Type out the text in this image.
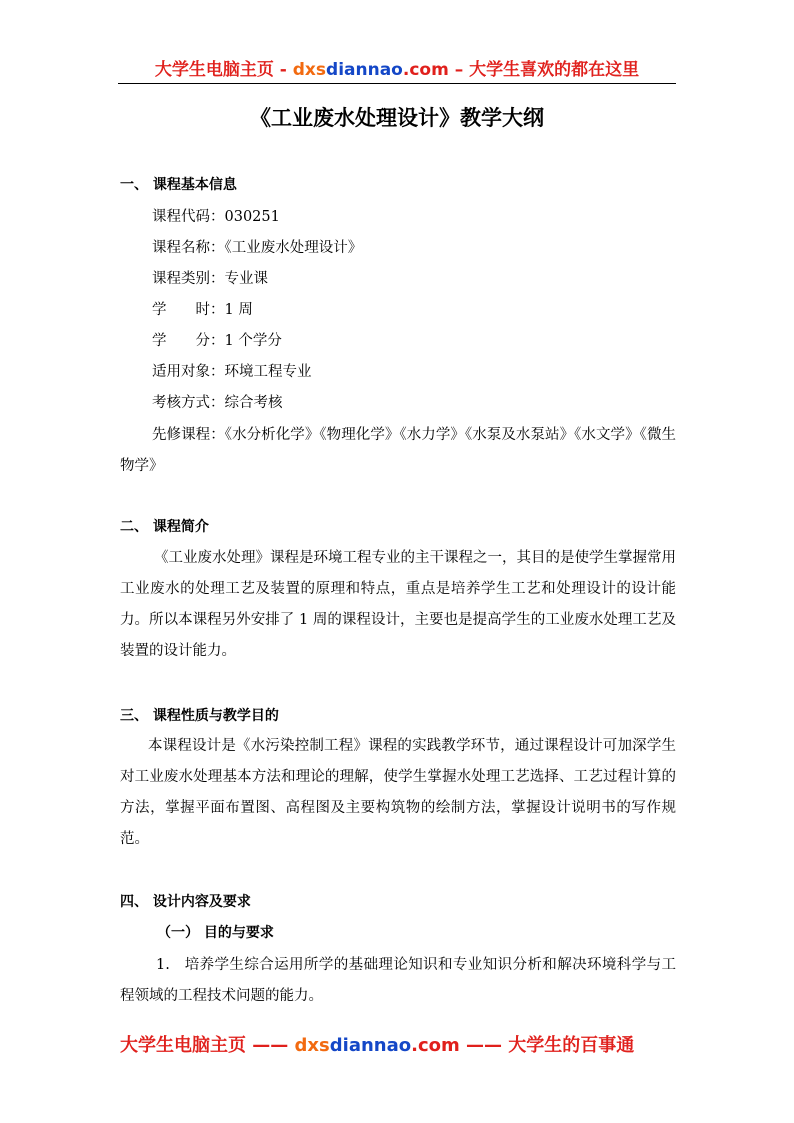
大学生电脑主页 - dxsdiannao.com – 大学生喜欢的都在这里
《工业废水处理设计》教学大纲
一、 课程基本信息
课程代码：030251
课程名称：《工业废水处理设计》
课程类别：专业课
学　　时：1 周
学　　分：1 个学分
适用对象：环境工程专业
考核方式：综合考核

先修课程：《水分析化学》《物理化学》《水力学》《水泵及水泵站》《水文学》《微生物学》

二、 课程简介

《工业废水处理》课程是环境工程专业的主干课程之一，其目的是使学生掌握常用工业废水的处理工艺及装置的原理和特点，重点是培养学生工艺和处理设计的设计能力。所以本课程另外安排了 1 周的课程设计，主要也是提高学生的工业废水处理工艺及装置的设计能力。

三、 课程性质与教学目的

本课程设计是《水污染控制工程》课程的实践教学环节，通过课程设计可加深学生对工业废水处理基本方法和理论的理解，使学生掌握水处理工艺选择、工艺过程计算的方法，掌握平面布置图、高程图及主要构筑物的绘制方法，掌握设计说明书的写作规范。

四、 设计内容及要求
（一） 目的与要求

1. 培养学生综合运用所学的基础理论知识和专业知识分析和解决环境科学与工程领域的工程技术问题的能力。

大学生电脑主页 —— dxsdiannao.com —— 大学生的百事通
